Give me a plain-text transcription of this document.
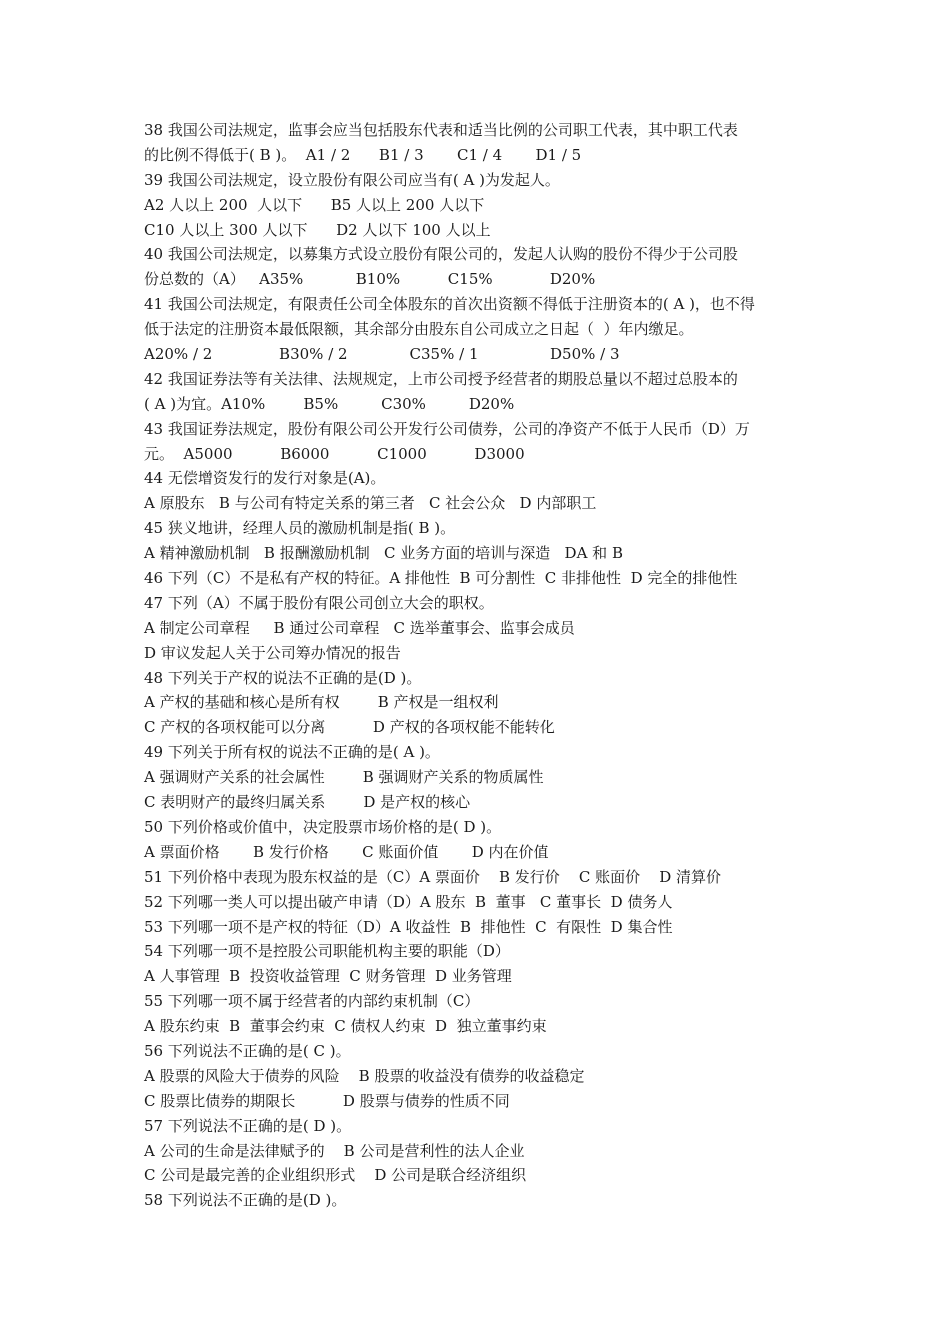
38 我国公司法规定，监事会应当包括股东代表和适当比例的公司职工代表，其中职工代表
的比例不得低于( B )。  A1 / 2      B1 / 3       C1 / 4       D1 / 5
39 我国公司法规定，设立股份有限公司应当有( A )为发起人。
A2 人以上 200  人以下      B5 人以上 200 人以下
C10 人以上 300 人以下      D2 人以下 100 人以上
40 我国公司法规定，以募集方式设立股份有限公司的，发起人认购的股份不得少于公司股
份总数的（A）   A35%           B10%          C15%            D20%
41 我国公司法规定，有限责任公司全体股东的首次出资额不得低于注册资本的( A )，也不得
低于法定的注册资本最低限额，其余部分由股东自公司成立之日起（  ）年内缴足。
A20% / 2              B30% / 2             C35% / 1               D50% / 3
42 我国证券法等有关法律、法规规定，上市公司授予经营者的期股总量以不超过总股本的
( A )为宜。A10%        B5%         C30%         D20%
43 我国证券法规定，股份有限公司公开发行公司债券，公司的净资产不低于人民币（D）万
元。  A5000          B6000          C1000          D3000
44 无偿增资发行的发行对象是(A)。
A 原股东   B 与公司有特定关系的第三者   C 社会公众   D 内部职工
45 狭义地讲，经理人员的激励机制是指( B )。
A 精神激励机制   B 报酬激励机制   C 业务方面的培训与深造   DA 和 B
46 下列（C）不是私有产权的特征。A 排他性  B 可分割性  C 非排他性  D 完全的排他性
47 下列（A）不属于股份有限公司创立大会的职权。
A 制定公司章程     B 通过公司章程   C 选举董事会、监事会成员
D 审议发起人关于公司筹办情况的报告
48 下列关于产权的说法不正确的是(D )。
A 产权的基础和核心是所有权        B 产权是一组权利
C 产权的各项权能可以分离          D 产权的各项权能不能转化
49 下列关于所有权的说法不正确的是( A )。
A 强调财产关系的社会属性        B 强调财产关系的物质属性
C 表明财产的最终归属关系        D 是产权的核心
50 下列价格或价值中，决定股票市场价格的是( D )。
A 票面价格       B 发行价格       C 账面价值       D 内在价值
51 下列价格中表现为股东权益的是（C）A 票面价    B 发行价    C 账面价    D 清算价
52 下列哪一类人可以提出破产申请（D）A 股东  B  董事   C 董事长  D 债务人
53 下列哪一项不是产权的特征（D）A 收益性  B  排他性  C  有限性  D 集合性
54 下列哪一项不是控股公司职能机构主要的职能（D）
A 人事管理  B  投资收益管理  C 财务管理  D 业务管理
55 下列哪一项不属于经营者的内部约束机制（C）
A 股东约束  B  董事会约束  C 债权人约束  D  独立董事约束
56 下列说法不正确的是( C )。
A 股票的风险大于债券的风险    B 股票的收益没有债券的收益稳定
C 股票比债券的期限长          D 股票与债券的性质不同
57 下列说法不正确的是( D )。
A 公司的生命是法律赋予的    B 公司是营利性的法人企业
C 公司是最完善的企业组织形式    D 公司是联合经济组织
58 下列说法不正确的是(D )。
